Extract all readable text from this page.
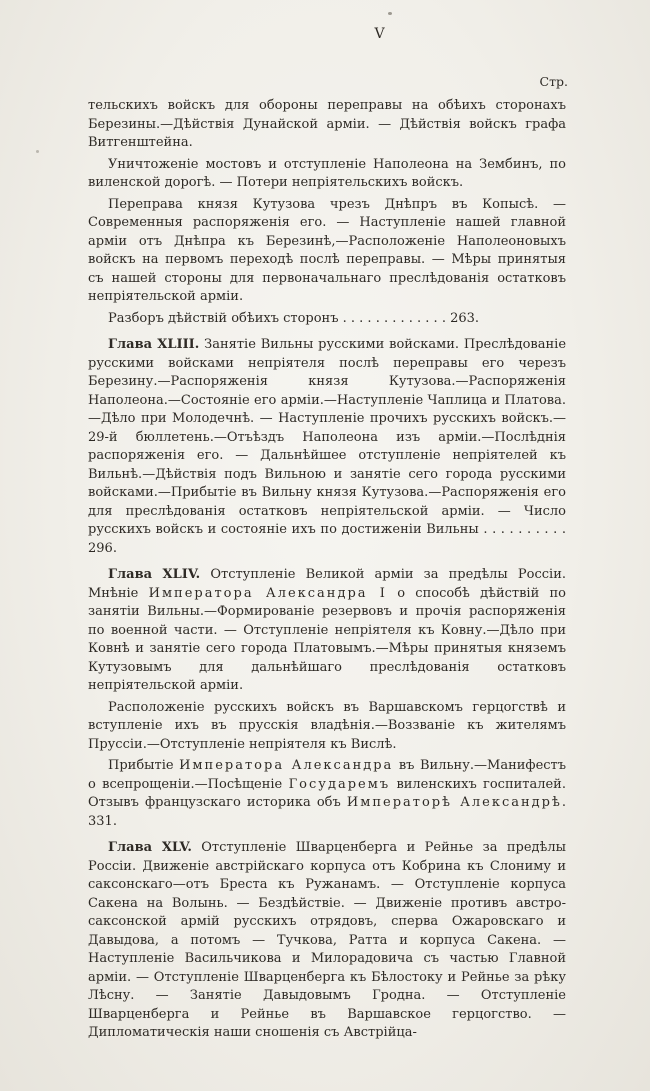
V
Стр.

тельскихъ войскъ для обороны переправы на обѣихъ сторонахъ Березины.—Дѣйствія Дунайской арміи. — Дѣйствія войскъ графа Витгенштейна.

Уничтоженіе мостовъ и отступленіе Наполеона на Зембинъ, по виленской дорогѣ. — Потери непріятельскихъ войскъ.

Переправа князя Кутузова чрезъ Днѣпръ въ Копысѣ. — Современныя распоряженія его. — Наступленіе нашей главной арміи отъ Днѣпра къ Березинѣ,—Расположеніе Наполеоновыхъ войскъ на первомъ переходѣ послѣ переправы. — Мѣры принятыя съ нашей стороны для первоначальнаго преслѣдованія остатковъ непріятельской арміи.

Разборъ дѣйствій обѣихъ сторонъ . . . . . . . . . . . . . 263.

Глава XLIII. Занятіе Вильны русскими войсками. Преслѣдованіе русскими войсками непріятеля послѣ переправы его черезъ Березину.—Распоряженія князя Кутузова.—Распоряженія Наполеона.—Состояніе его арміи.—Наступленіе Чаплица и Платова.—Дѣло при Молодечнѣ. — Наступленіе прочихъ русскихъ войскъ.—29-й бюллетень.—Отъѣздъ Наполеона изъ арміи.—Послѣднія распоряженія его. — Дальнѣйшее отступленіе непріятелей къ Вильнѣ.—Дѣйствія подъ Вильною и занятіе сего города русскими войсками.—Прибытіе въ Вильну князя Кутузова.—Распоряженія его для преслѣдованія остатковъ непріятельской арміи. — Число русскихъ войскъ и состояніе ихъ по достиженіи Вильны . . . . . . . . . . 296.

Глава XLIV. Отступленіе Великой арміи за предѣлы Россіи. Мнѣніе Императора Александра I о способѣ дѣйствій по занятіи Вильны.—Формированіе резервовъ и прочія распоряженія по военной части. — Отступленіе непріятеля къ Ковну.—Дѣло при Ковнѣ и занятіе сего города Платовымъ.—Мѣры принятыя княземъ Кутузовымъ для дальнѣйшаго преслѣдованія остатковъ непріятельской арміи.

Расположеніе русскихъ войскъ въ Варшавскомъ герцогствѣ и вступленіе ихъ въ прусскія владѣнія.—Воззваніе къ жителямъ Пруссіи.—Отступленіе непріятеля къ Вислѣ.

Прибытіе Императора Александра въ Вильну.—Манифестъ о всепрощеніи.—Посѣщеніе Государемъ виленскихъ госпиталей. Отзывъ французскаго историка объ Императорѣ Александрѣ. 331.

Глава XLV. Отступленіе Шварценберга и Рейнье за предѣлы Россіи. Движеніе австрійскаго корпуса отъ Кобрина къ Слониму и саксонскаго—отъ Бреста къ Ружанамъ. — Отступленіе корпуса Сакена на Волынь. — Бездѣйствіе. — Движеніе противъ австро-саксонской армій русскихъ отрядовъ, сперва Ожаровскаго и Давыдова, а потомъ — Тучкова, Ратта и корпуса Сакена. — Наступленіе Васильчикова и Милорадовича съ частью Главной арміи. — Отступленіе Шварценберга къ Бѣлостоку и Рейнье за рѣку Лѣсну. — Занятіе Давыдовымъ Гродна. — Отступленіе Шварценберга и Рейнье въ Варшавское герцогство. — Дипломатическія наши сношенія съ Австрійца-
